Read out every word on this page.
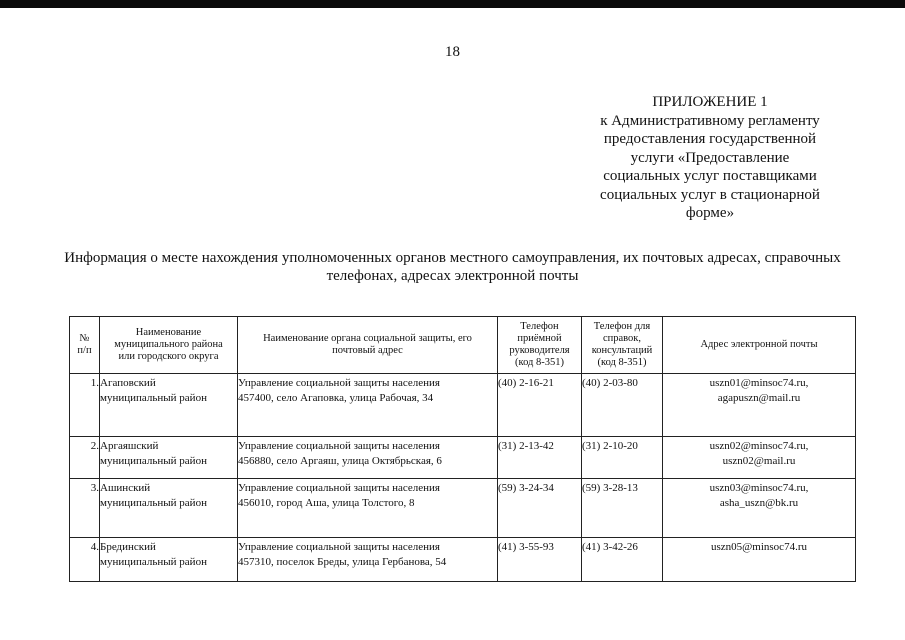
18
ПРИЛОЖЕНИЕ 1
к Административному регламенту
предоставления государственной
услуги «Предоставление
социальных услуг поставщиками
социальных услуг в стационарной
форме»
Информация о месте нахождения уполномоченных органов местного самоуправления, их почтовых адресах, справочных
телефонах, адресах электронной почты
№
п/п	Наименование
муниципального района
или городского округа	Наименование органа социальной защиты, его
почтовый адрес	Телефон
приёмной
руководителя
(код 8-351)	Телефон для
справок,
консультаций
(код 8-351)	Адрес электронной почты

1.	Агаповский
муниципальный район	Управление социальной защиты населения
457400, село Агаповка, улица Рабочая, 34	(40) 2-16-21	(40) 2-03-80	uszn01@minsoc74.ru,
agapuszn@mail.ru

2.	Аргаяшский
муниципальный район	Управление социальной защиты населения
456880, село Аргаяш, улица Октябрьская, 6	(31) 2-13-42	(31) 2-10-20	uszn02@minsoc74.ru,
uszn02@mail.ru

3.	Ашинский
муниципальный район	Управление социальной защиты населения
456010, город Аша, улица Толстого, 8	(59) 3-24-34	(59) 3-28-13	uszn03@minsoc74.ru,
asha_uszn@bk.ru

4.	Брединский
муниципальный район	Управление социальной защиты населения
457310, поселок Бреды, улица Гербанова, 54	(41) 3-55-93	(41) 3-42-26	uszn05@minsoc74.ru
